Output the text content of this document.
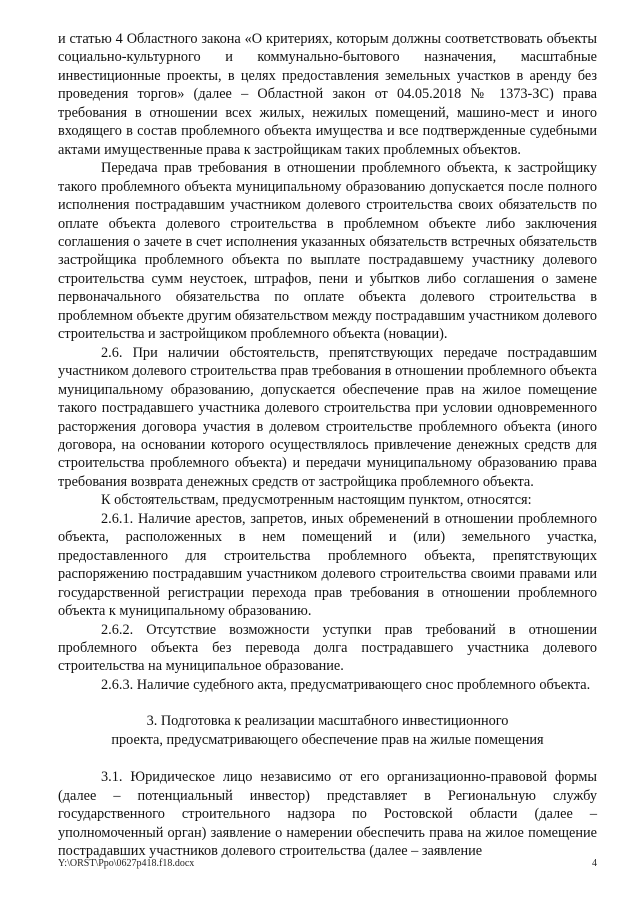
и статью 4 Областного закона «О критериях, которым должны соответствовать объекты социально-культурного и коммунально-бытового назначения, масштабные инвестиционные проекты, в целях предоставления земельных участков в аренду без проведения торгов» (далее – Областной закон от 04.05.2018 № 1373-ЗС) права требования в отношении всех жилых, нежилых помещений, машино-мест и иного входящего в состав проблемного объекта имущества и все подтвержденные судебными актами имущественные права к застройщикам таких проблемных объектов.

Передача прав требования в отношении проблемного объекта, к застройщику такого проблемного объекта муниципальному образованию допускается после полного исполнения пострадавшим участником долевого строительства своих обязательств по оплате объекта долевого строительства в проблемном объекте либо заключения соглашения о зачете в счет исполнения указанных обязательств встречных обязательств застройщика проблемного объекта по выплате пострадавшему участнику долевого строительства сумм неустоек, штрафов, пени и убытков либо соглашения о замене первоначального обязательства по оплате объекта долевого строительства в проблемном объекте другим обязательством между пострадавшим участником долевого строительства и застройщиком проблемного объекта (новации).

2.6. При наличии обстоятельств, препятствующих передаче пострадавшим участником долевого строительства прав требования в отношении проблемного объекта муниципальному образованию, допускается обеспечение прав на жилое помещение такого пострадавшего участника долевого строительства при условии одновременного расторжения договора участия в долевом строительстве проблемного объекта (иного договора, на основании которого осуществлялось привлечение денежных средств для строительства проблемного объекта) и передачи муниципальному образованию права требования возврата денежных средств от застройщика проблемного объекта.

К обстоятельствам, предусмотренным настоящим пунктом, относятся:

2.6.1. Наличие арестов, запретов, иных обременений в отношении проблемного объекта, расположенных в нем помещений и (или) земельного участка, предоставленного для строительства проблемного объекта, препятствующих распоряжению пострадавшим участником долевого строительства своими правами или государственной регистрации перехода прав требования в отношении проблемного объекта к муниципальному образованию.

2.6.2. Отсутствие возможности уступки прав требований в отношении проблемного объекта без перевода долга пострадавшего участника долевого строительства на муниципальное образование.

2.6.3. Наличие судебного акта, предусматривающего снос проблемного объекта.

3. Подготовка к реализации масштабного инвестиционного
проекта, предусматривающего обеспечение прав на жилые помещения

3.1. Юридическое лицо независимо от его организационно-правовой формы (далее – потенциальный инвестор) представляет в Региональную службу государственного строительного надзора по Ростовской области (далее – уполномоченный орган) заявление о намерении обеспечить права на жилое помещение пострадавших участников долевого строительства (далее – заявление

Y:\ORST\Ppo\0627p418.f18.docx	4
